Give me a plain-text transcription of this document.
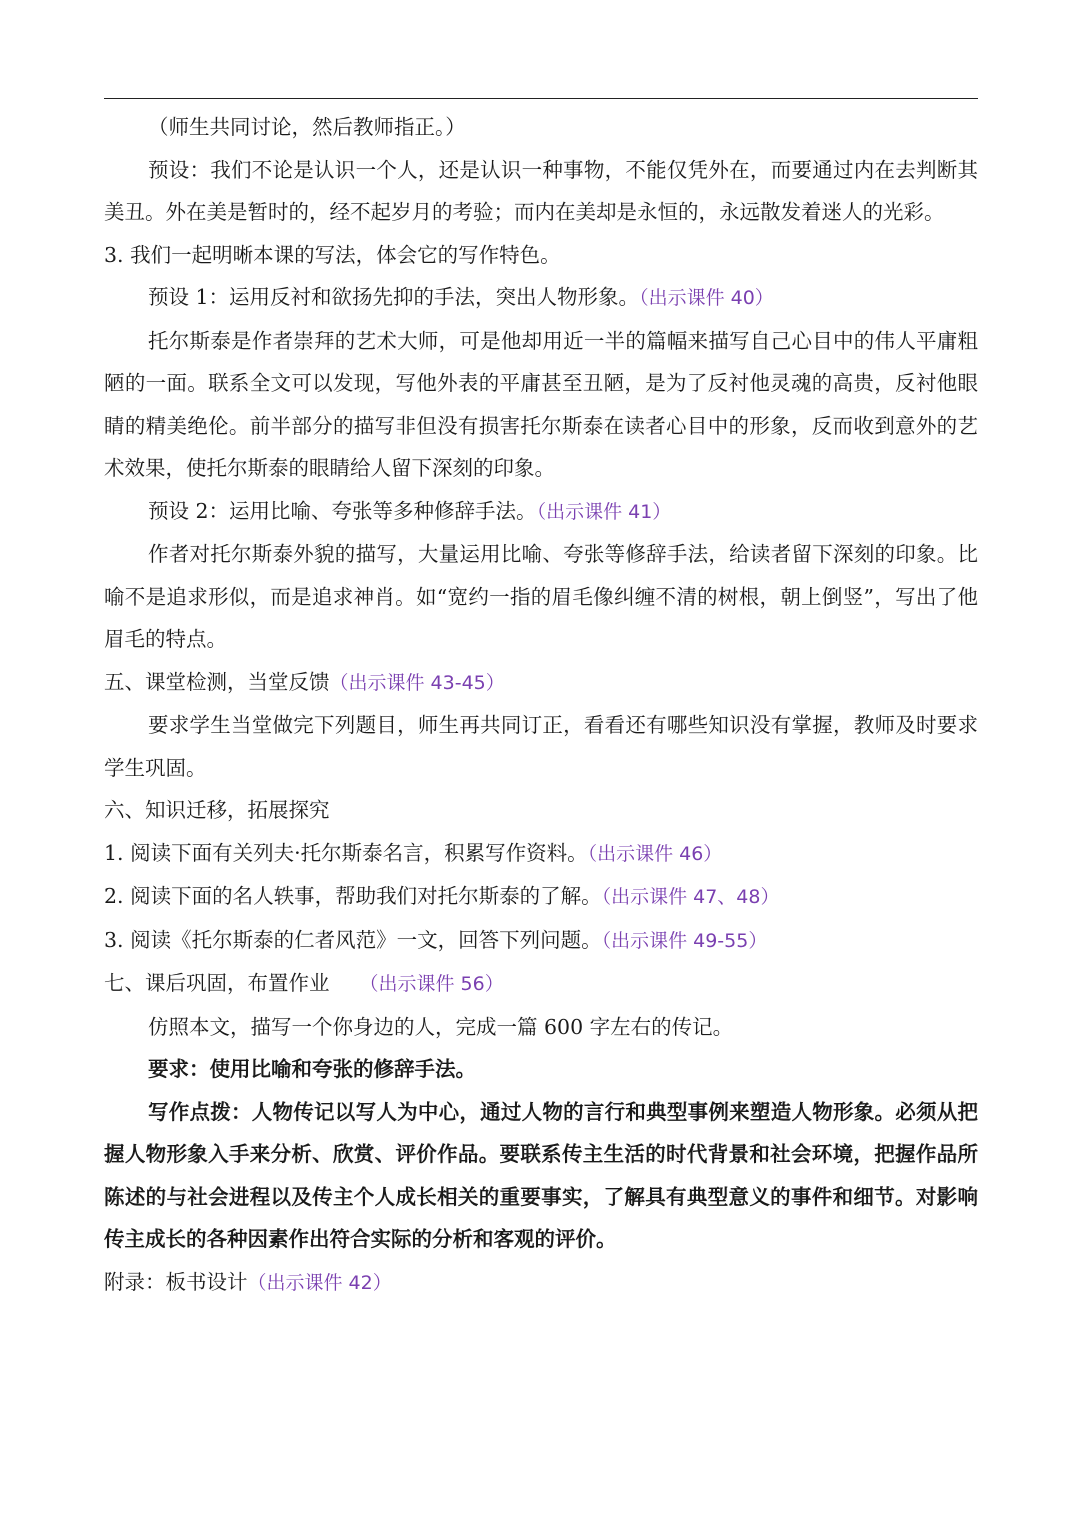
（师生共同讨论，然后教师指正。）

预设：我们不论是认识一个人，还是认识一种事物，不能仅凭外在，而要通过内在去判断其美丑。外在美是暂时的，经不起岁月的考验；而内在美却是永恒的，永远散发着迷人的光彩。

3. 我们一起明晰本课的写法，体会它的写作特色。

预设 1：运用反衬和欲扬先抑的手法，突出人物形象。（出示课件 40）

托尔斯泰是作者崇拜的艺术大师，可是他却用近一半的篇幅来描写自己心目中的伟人平庸粗陋的一面。联系全文可以发现，写他外表的平庸甚至丑陋，是为了反衬他灵魂的高贵，反衬他眼睛的精美绝伦。前半部分的描写非但没有损害托尔斯泰在读者心目中的形象，反而收到意外的艺术效果，使托尔斯泰的眼睛给人留下深刻的印象。

预设 2：运用比喻、夸张等多种修辞手法。（出示课件 41）

作者对托尔斯泰外貌的描写，大量运用比喻、夸张等修辞手法，给读者留下深刻的印象。比喻不是追求形似，而是追求神肖。如“宽约一指的眉毛像纠缠不清的树根，朝上倒竖”，写出了他眉毛的特点。

五、课堂检测，当堂反馈（出示课件 43-45）

要求学生当堂做完下列题目，师生再共同订正，看看还有哪些知识没有掌握，教师及时要求学生巩固。

六、知识迁移，拓展探究

1. 阅读下面有关列夫·托尔斯泰名言，积累写作资料。（出示课件 46）

2. 阅读下面的名人轶事，帮助我们对托尔斯泰的了解。（出示课件 47、48）

3. 阅读《托尔斯泰的仁者风范》一文，回答下列问题。（出示课件 49-55）

七、课后巩固，布置作业 （出示课件 56）

仿照本文，描写一个你身边的人，完成一篇 600 字左右的传记。

要求：使用比喻和夸张的修辞手法。

写作点拨：人物传记以写人为中心，通过人物的言行和典型事例来塑造人物形象。必须从把握人物形象入手来分析、欣赏、评价作品。要联系传主生活的时代背景和社会环境，把握作品所陈述的与社会进程以及传主个人成长相关的重要事实，了解具有典型意义的事件和细节。对影响传主成长的各种因素作出符合实际的分析和客观的评价。

附录：板书设计（出示课件 42）
